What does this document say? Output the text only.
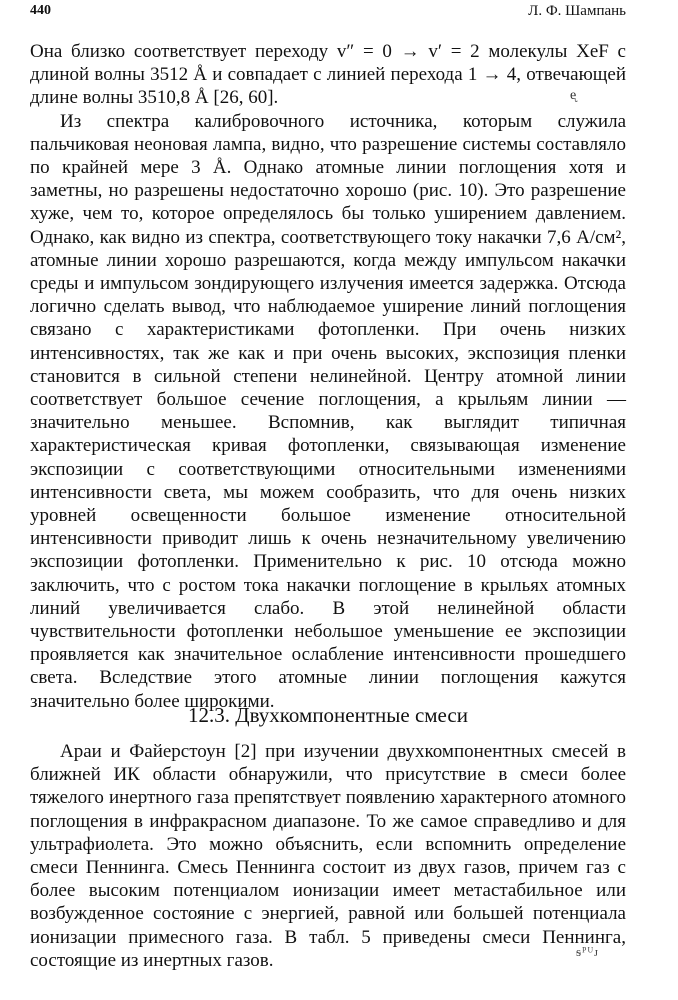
440	Л. Ф. Шампань

Она близко соответствует переходу v″ = 0 → v′ = 2 молекулы XeF с длиной волны 3512 Å и совпадает с линией перехода 1 → 4, отвечающей длине волны 3510,8 Å [26, 60].

Из спектра калибровочного источника, которым служила пальчиковая неоновая лампа, видно, что разрешение системы составляло по крайней мере 3 Å. Однако атомные линии поглощения хотя и заметны, но разрешены недостаточно хорошо (рис. 10). Это разрешение хуже, чем то, которое определялось бы только уширением давлением. Однако, как видно из спектра, соответствующего току накачки 7,6 А/см², атомные линии хорошо разрешаются, когда между импульсом накачки среды и импульсом зондирующего излучения имеется задержка. Отсюда логично сделать вывод, что наблюдаемое уширение линий поглощения связано с характеристиками фотопленки. При очень низких интенсивностях, так же как и при очень высоких, экспозиция пленки становится в сильной степени нелинейной. Центру атомной линии соответствует большое сечение поглощения, а крыльям линии — значительно меньшее. Вспомнив, как выглядит типичная характеристическая кривая фотопленки, связывающая изменение экспозиции с соответствующими относительными изменениями интенсивности света, мы можем сообразить, что для очень низких уровней освещенности большое изменение относительной интенсивности приводит лишь к очень незначительному увеличению экспозиции фотопленки. Применительно к рис. 10 отсюда можно заключить, что с ростом тока накачки поглощение в крыльях атомных линий увеличивается слабо. В этой нелинейной области чувствительности фотопленки небольшое уменьшение ее экспозиции проявляется как значительное ослабление интенсивности прошедшего света. Вследствие этого атомные линии поглощения кажутся значительно более широкими.

ᶒ
12.3. Двухкомпонентные смеси

Араи и Файерстоун [2] при изучении двухкомпонентных смесей в ближней ИК области обнаружили, что присутствие в смеси более тяжелого инертного газа препятствует появлению характерного атомного поглощения в инфракрасном диапазоне. То же самое справедливо и для ультрафиолета. Это можно объяснить, если вспомнить определение смеси Пеннинга. Смесь Пеннинга состоит из двух газов, причем газ с более высоким потенциалом ионизации имеет метастабильное или возбужденное состояние с энергией, равной или большей потенциала ионизации примесного газа. В табл. 5 приведены смеси Пеннинга, состоящие из инертных газов.	ᵴᴾᵁᴊ
